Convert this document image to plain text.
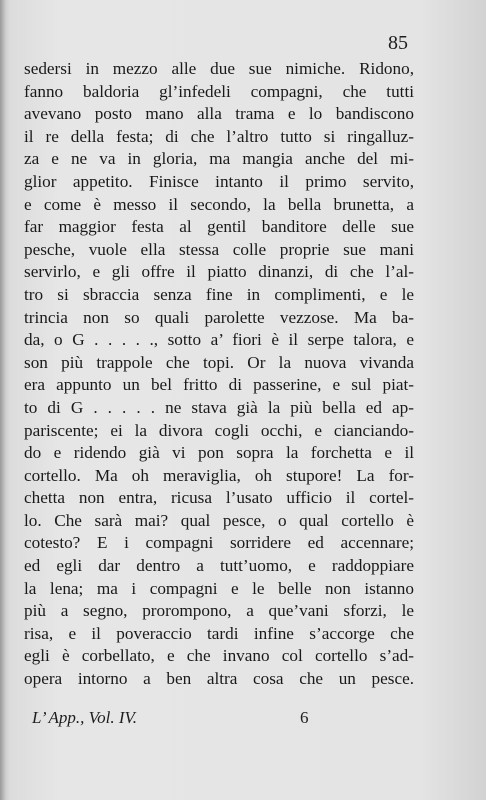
85
sedersi in mezzo alle due sue nimiche. Ridono,
fanno baldoria gl’infedeli compagni, che tutti
avevano posto mano alla trama e lo bandiscono
il re della festa; di che l’altro tutto si ringalluz-
za e ne va in gloria, ma mangia anche del mi-
glior appetito. Finisce intanto il primo servito,
e come è messo il secondo, la bella brunetta, a
far maggior festa al gentil banditore delle sue
pesche, vuole ella stessa colle proprie sue mani
servirlo, e gli offre il piatto dinanzi, di che l’al-
tro si sbraccia senza fine in complimenti, e le
trincia non so quali parolette vezzose. Ma ba-
da, o G . . . . ., sotto a’ fiori è il serpe talora, e
son più trappole che topi. Or la nuova vivanda
era appunto un bel fritto di passerine, e sul piat-
to di G . . . . . ne stava già la più bella ed ap-
pariscente; ei la divora cogli occhi, e cianciando-
do e ridendo già vi pon sopra la forchetta e il
cortello. Ma oh meraviglia, oh stupore! La for-
chetta non entra, ricusa l’usato ufficio il cortel-
lo. Che sarà mai? qual pesce, o qual cortello è
cotesto? E i compagni sorridere ed accennare;
ed egli dar dentro a tutt’uomo, e raddoppiare
la lena; ma i compagni e le belle non istanno
più a segno, prorompono, a que’vani sforzi, le
risa, e il poveraccio tardi infine s’accorge che
egli è corbellato, e che invano col cortello s’ad-
opera intorno a ben altra cosa che un pesce.
L’ App., Vol. IV.	6
